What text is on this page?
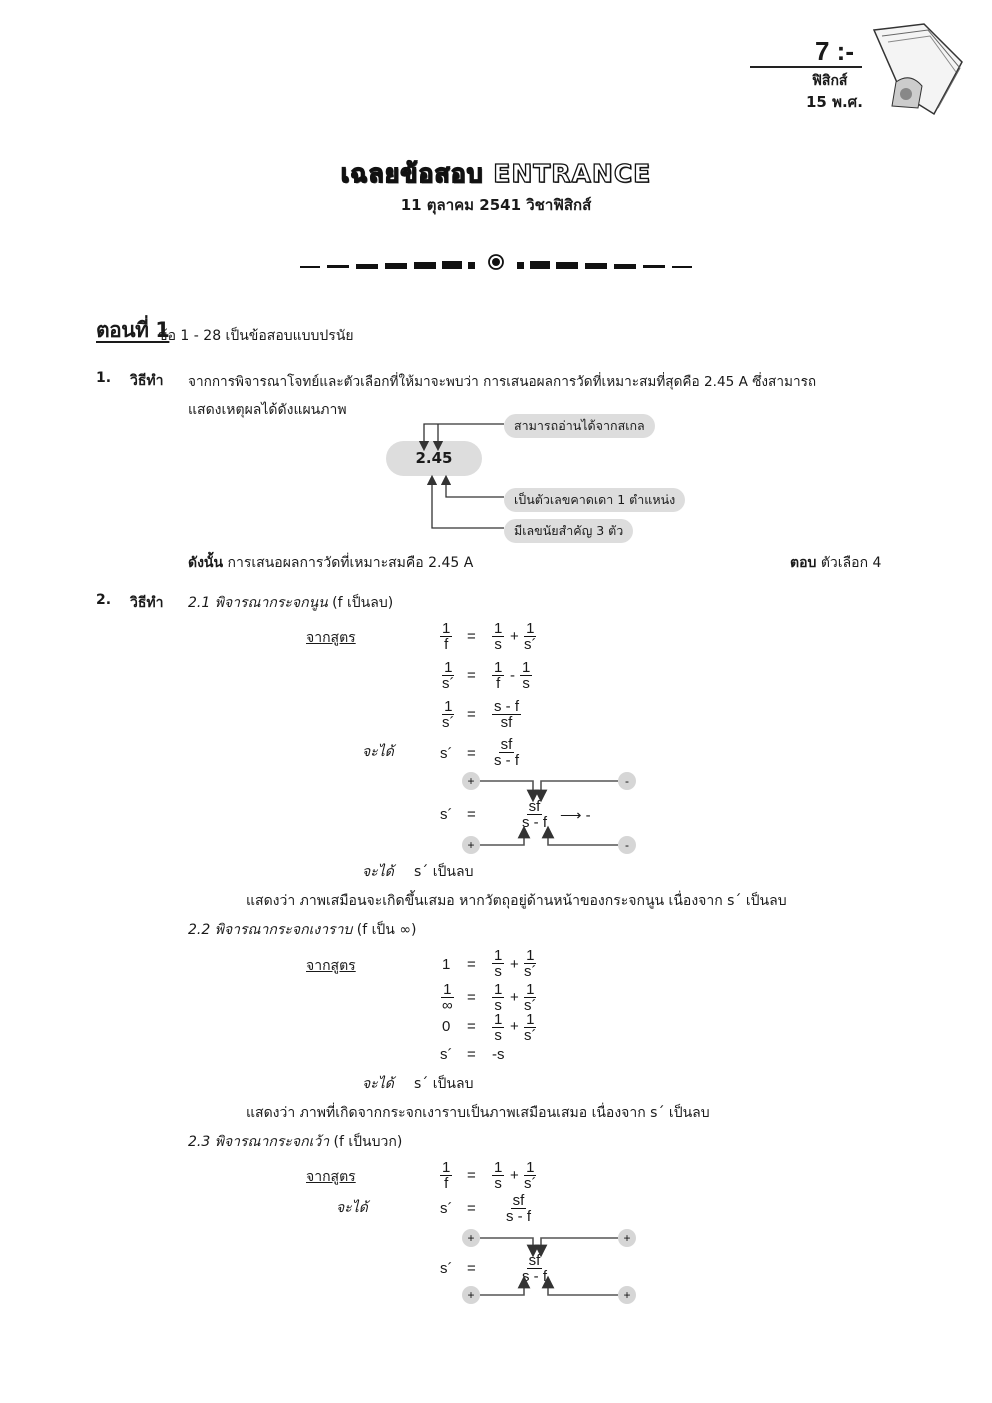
7 :-
ฟิสิกส์
15 พ.ศ.
เฉลยข้อสอบ ENTRANCE
11 ตุลาคม 2541 วิชาฟิสิกส์
ตอนที่ 1
ข้อ 1 - 28 เป็นข้อสอบแบบปรนัย
1. วิธีทำ จากการพิจารณาโจทย์และตัวเลือกที่ให้มาจะพบว่า การเสนอผลการวัดที่เหมาะสมที่สุดคือ 2.45 A ซึ่งสามารถ
แสดงเหตุผลได้ดังแผนภาพ
2.45
สามารถอ่านได้จากสเกล
เป็นตัวเลขคาดเดา 1 ตำแหน่ง
มีเลขนัยสำคัญ 3 ตัว
ดังนั้น การเสนอผลการวัดที่เหมาะสมคือ 2.45 A	ตอบ ตัวเลือก 4
2. วิธีทำ 2.1 พิจารณากระจกนูน (f เป็นลบ)
จากสูตร	$\frac{1}{f} = \frac{1}{s} + \frac{1}{s´}$
$\frac{1}{s´} = \frac{1}{f} - \frac{1}{s}$
$\frac{1}{s´} = \frac{s - f}{sf}$
จะได้	s´ = $\frac{sf}{s - f}$
+	-
s´ =	$\frac{sf}{s - f}$ ⟶ -
+	-
จะได้ s´ เป็นลบ
แสดงว่า ภาพเสมือนจะเกิดขึ้นเสมอ หากวัตถุอยู่ด้านหน้าของกระจกนูน เนื่องจาก s´ เป็นลบ
2.2 พิจารณากระจกเงาราบ (f เป็น ∞)
จากสูตร	$1 = \frac{1}{s} + \frac{1}{s´}$
1
∞ = $\frac{1}{s} + \frac{1}{s´}$
$0 = \frac{1}{s} + \frac{1}{s´}$
s´ = -s
จะได้ s´ เป็นลบ
แสดงว่า ภาพที่เกิดจากกระจกเงาราบเป็นภาพเสมือนเสมอ เนื่องจาก s´ เป็นลบ
2.3 พิจารณากระจกเว้า (f เป็นบวก)
จากสูตร	$\frac{1}{f} = \frac{1}{s} + \frac{1}{s´}$
จะได้	s´ = $\frac{sf}{s - f}$
+	+
s´ =	$\frac{sf}{s - f}$
+	+
